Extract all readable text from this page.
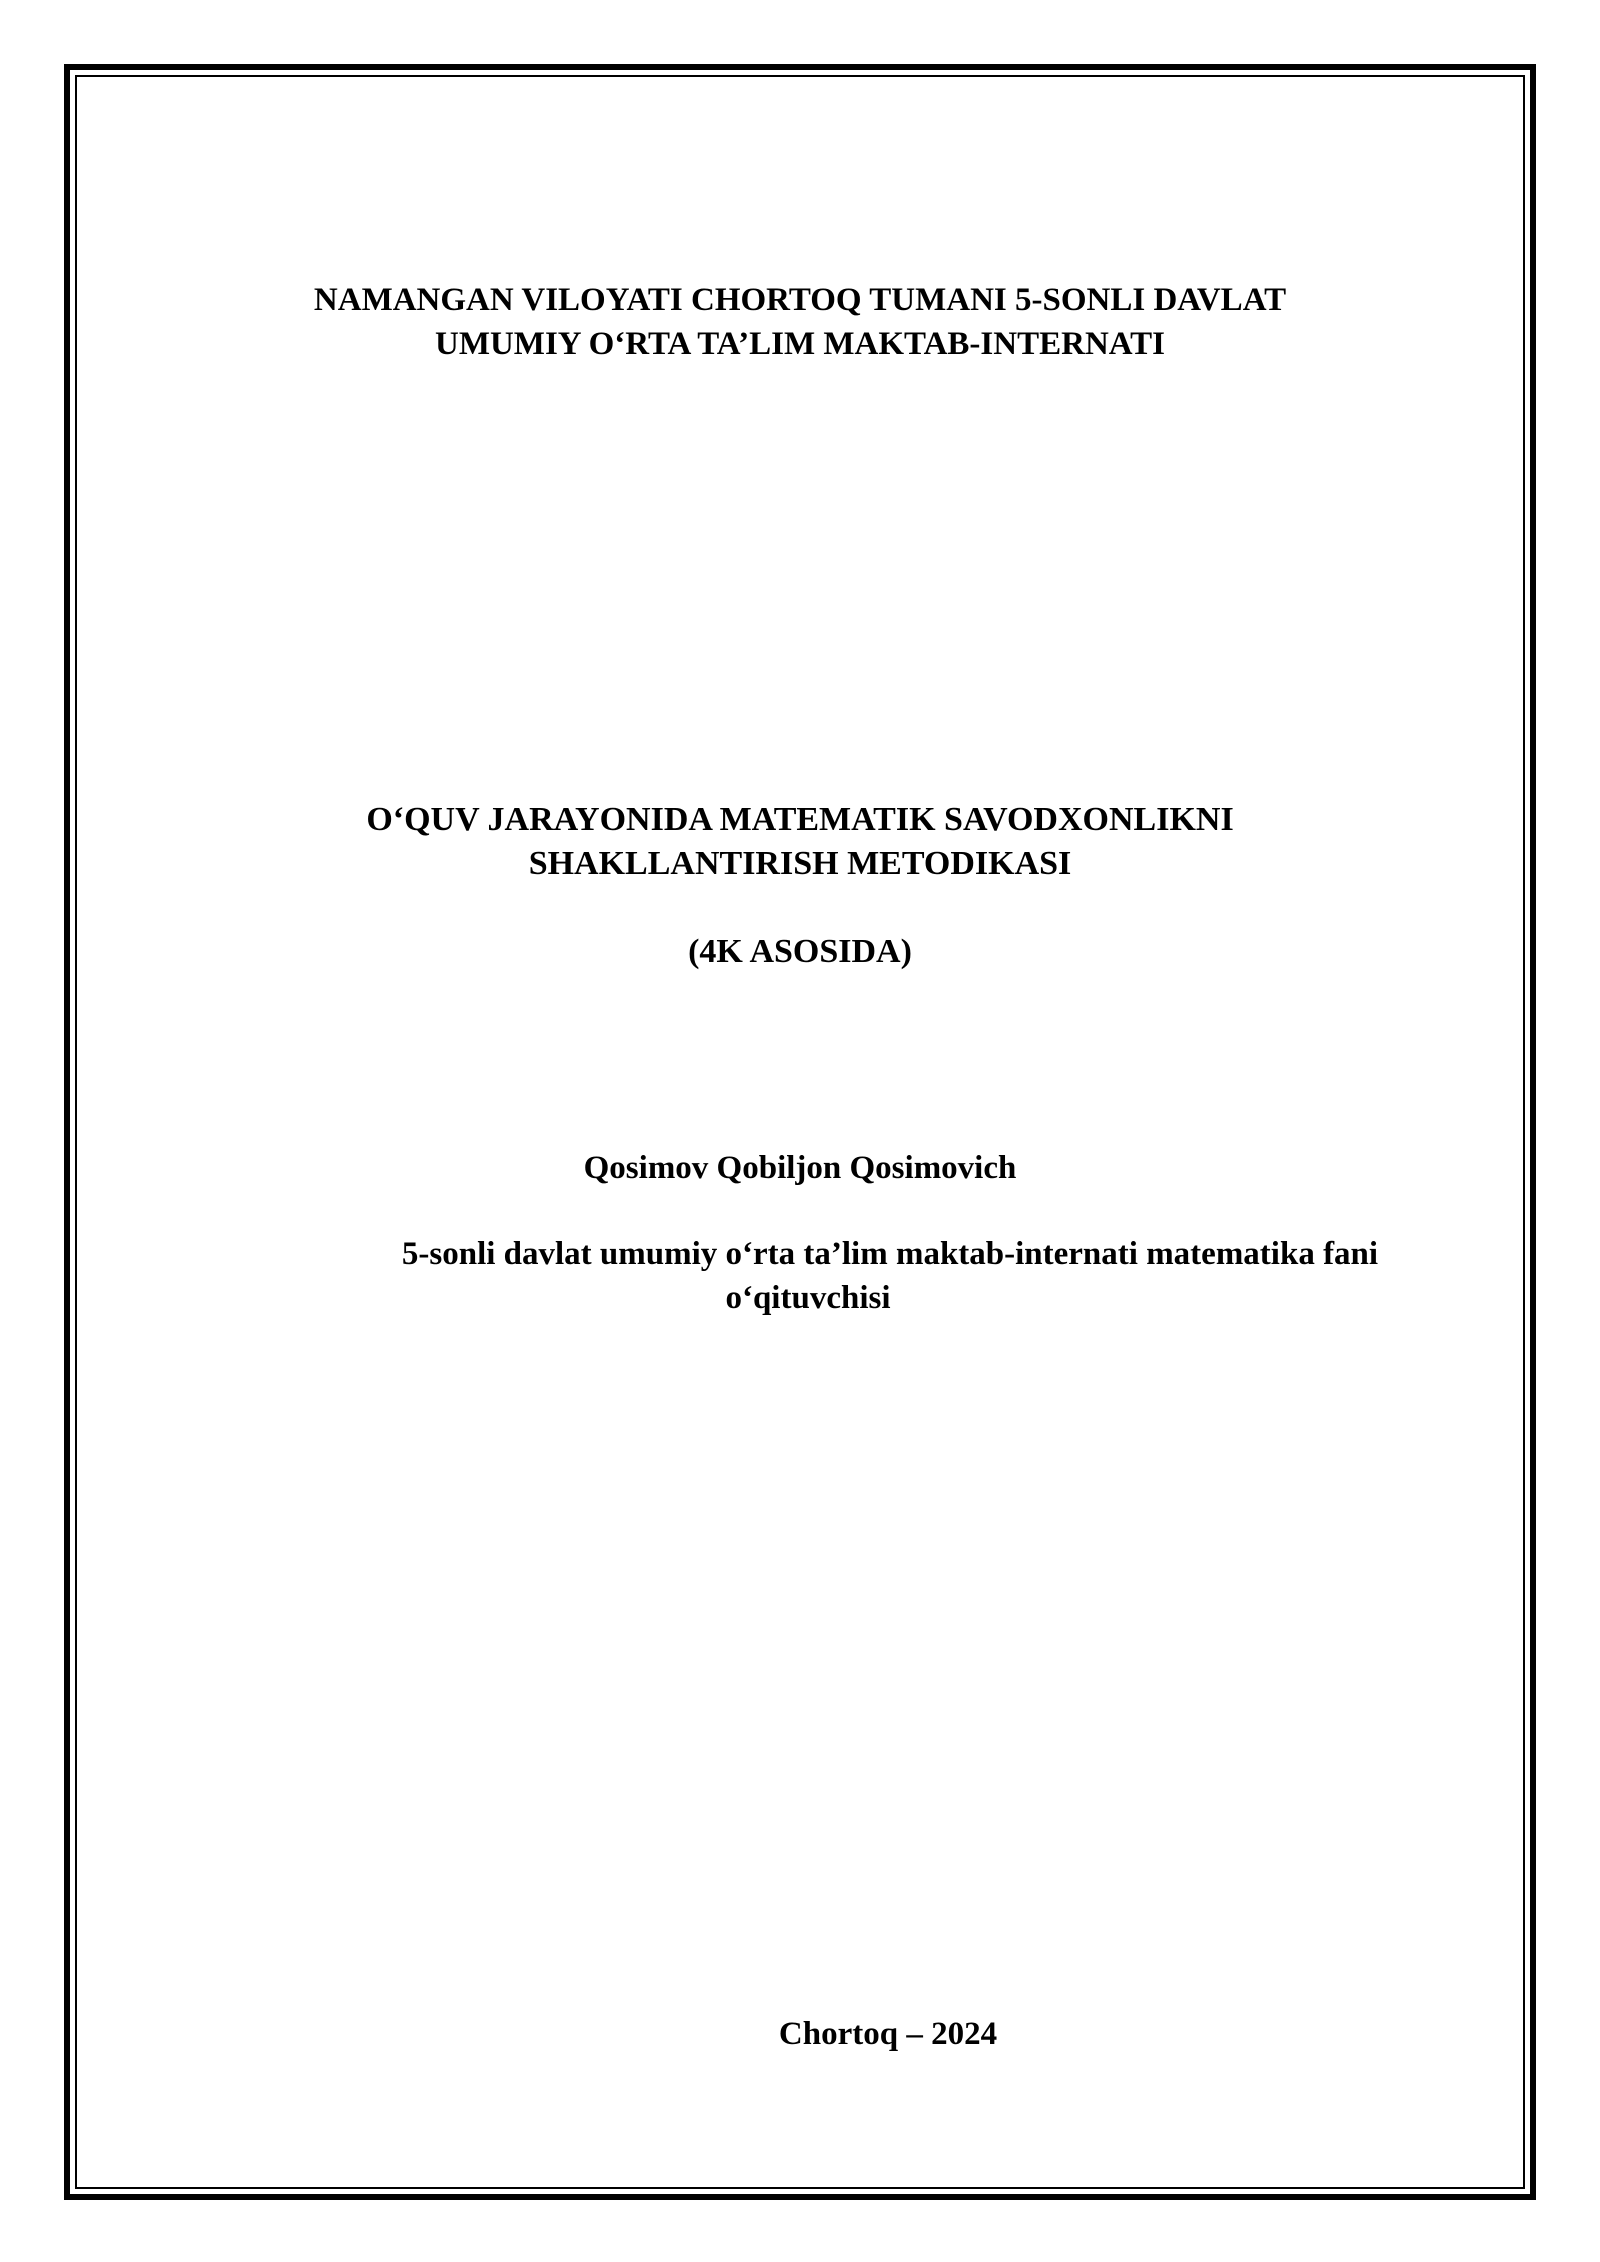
NAMANGAN VILOYATI CHORTOQ TUMANI 5-SONLI DAVLAT
UMUMIY O‘RTA TA’LIM MAKTAB-INTERNATI
O‘QUV JARAYONIDA MATEMATIK SAVODXONLIKNI
SHAKLLANTIRISH METODIKASI
(4K ASOSIDA)
Qosimov Qobiljon Qosimovich
5-sonli davlat umumiy o‘rta ta’lim maktab-internati matematika fani
o‘qituvchisi
Chortoq – 2024
